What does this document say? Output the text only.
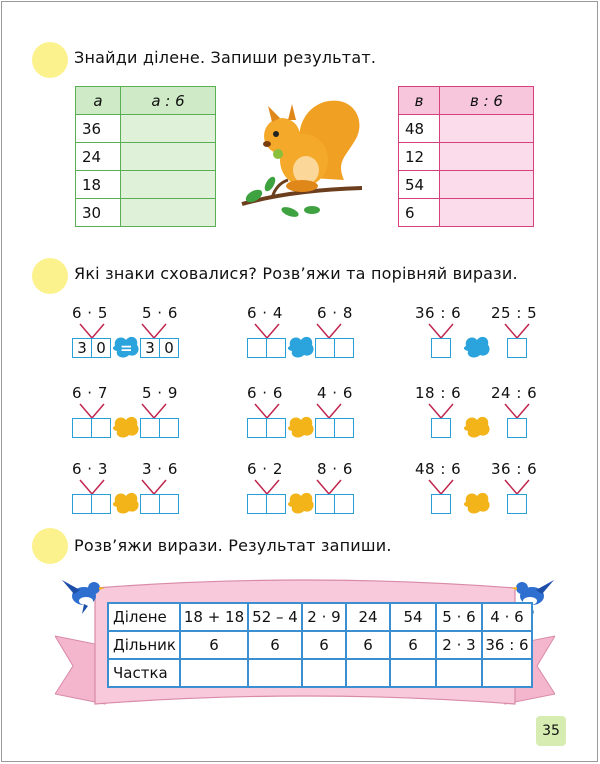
Знайди ділене. Запиши результат.
а	а : 6
36	
24	
18	
30	
в	в : 6
48	
12	
54	
6	
Які знаки сховалися? Розв’яжи та порівняй вирази.
6 · 5 5 · 6
3 0 = 3 0
6 · 4 6 · 8	36 : 6 25 : 5
6 · 7 5 · 9	6 · 6 4 · 6	18 : 6 24 : 6
6 · 3 3 · 6	6 · 2 8 · 6	48 : 6 36 : 6
Розв’яжи вирази. Результат запиши.
Ділене	18 + 18	52 – 4	2 · 9	24	54	5 · 6	4 · 6
Дільник	6	6	6	6	6	2 · 3	36 : 6
Частка							
35
